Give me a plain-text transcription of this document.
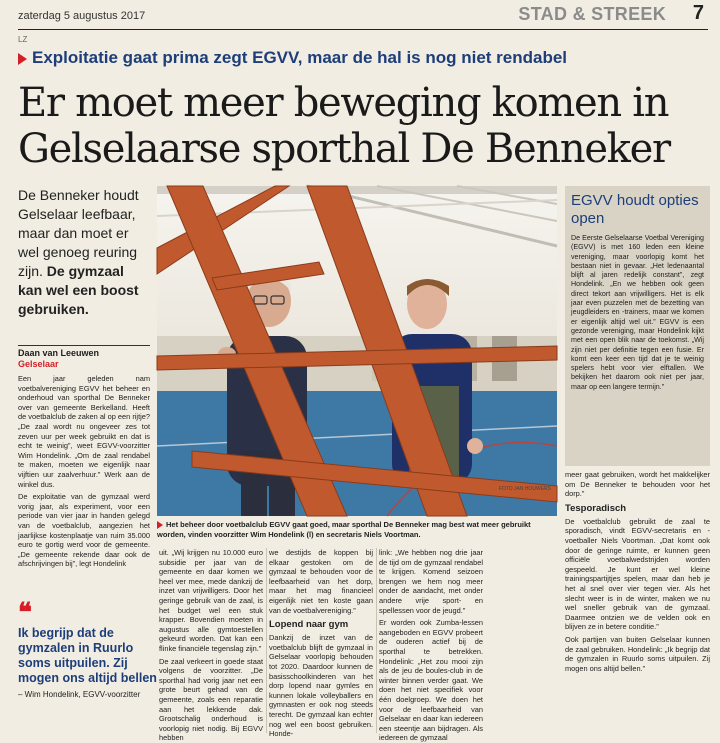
zaterdag 5 augustus 2017	STAD & STREEK 7
LZ
Exploitatie gaat prima zegt EGVV, maar de hal is nog niet rendabel
Er moet meer beweging komen in Gelselaarse sporthal De Benneker
De Benneker houdt Gelselaar leefbaar, maar dan moet er wel genoeg reuring zijn. De gymzaal kan wel een boost gebruiken.
Daan van Leeuwen
Gelselaar

Een jaar geleden nam voetbalvereniging EGVV het beheer en onderhoud van sporthal De Benneker over van gemeente Berkelland. Heeft de voetbalclub de zaken al op een rijtje? „De zaal wordt nu ongeveer zes tot zeven uur per week gebruikt en dat is echt te weinig”, weet EGVV-voorzitter Wim Hondelink. „Om de zaal rendabel te maken, moeten we eigenlijk naar vijftien uur zaalverhuur.” Werk aan de winkel dus.

De exploitatie van de gymzaal werd vorig jaar, als experiment, voor een periode van vier jaar in handen gelegd van de voetbalclub, aangezien het jaarlijkse kostenplaatje van ruim 35.000 euro te gortig werd voor de gemeente. „De gemeente rekende daar ook de afschrijvingen bij”, legt Hondelink

❝
Ik begrijp dat de gymzalen in Ruurlo soms uitpuilen. Zij mogen ons altijd bellen
– Wim Hondelink, EGVV-voorzitter
FOTO JAN HOUWERS
Het beheer door voetbalclub EGVV gaat goed, maar sporthal De Benneker mag best wat meer gebruikt worden, vinden voorzitter Wim Hondelink (l) en secretaris Niels Voortman.

uit. „Wij krijgen nu 10.000 euro subsidie per jaar van de gemeente en daar komen we heel ver mee, mede dankzij de inzet van vrijwilligers. Door het geringe gebruik van de zaal, is het budget wel een stuk krapper. Bovendien moeten in augustus alle gymtoestellen gekeurd worden. Dat kan een flinke financiële tegenslag zijn.”

De zaal verkeert in goede staat volgens de voorzitter. „De sporthal had vorig jaar net een grote beurt gehad van de gemeente, zoals een reparatie aan het lekkende dak. Grootschalig onderhoud is voorlopig niet nodig. Bij EGVV hebben

we destijds de koppen bij elkaar gestoken om de gymzaal te behouden voor de leefbaarheid van het dorp, maar het mag financieel eigenlijk niet ten koste gaan van de voetbalvereniging.”

Lopend naar gym

Dankzij de inzet van de voetbalclub blijft de gymzaal in Gelselaar voorlopig behouden tot 2020. Daardoor kunnen de basisschoolkinderen van het dorp lopend naar gymles en kunnen lokale volleyballers en gymnasten er ook nog steeds terecht. De gymzaal kan echter nog wel een boost gebruiken. Honde-

link: „We hebben nog drie jaar de tijd om de gymzaal rendabel te krijgen. Komend seizoen brengen we hem nog meer onder de aandacht, met onder andere vrije sport- en spellessen voor de jeugd.”

Er worden ook Zumba-lessen aangeboden en EGVV probeert de ouderen actief bij de sporthal te betrekken. Hondelink: „Het zou mooi zijn als de jeu de boules-club in de winter binnen verder gaat. We doen het niet specifiek voor één doelgroep. We doen het voor de leefbaarheid van Gelselaar en daar kan iedereen een steentje aan bijdragen. Als iedereen de gymzaal

EGVV houdt opties open
De Eerste Gelselaarse Voetbal Vereniging (EGVV) is met 160 leden een kleine vereniging, maar voorlopig komt het bestaan niet in gevaar. „Het ledenaantal blijft al jaren redelijk constant”, zegt Hondelink. „En we hebben ook geen direct tekort aan vrijwilligers. Het is elk jaar even puzzelen met de bezetting van jeugdleiders en -trainers, maar we komen er eigenlijk altijd wel uit.” EGVV is een gezonde vereniging, maar Hondelink kijkt met een open blik naar de toekomst. „Wij zijn niet per definitie tegen een fusie. Er komt een keer een tijd dat je te weinig spelers hebt voor vier elftallen. We bekijken het daarom ook niet per jaar, maar op een langere termijn.”

meer gaat gebruiken, wordt het makkelijker om De Benneker te behouden voor het dorp.”

Tesporadisch

De voetbalclub gebruikt de zaal te sporadisch, vindt EGVV-secretaris en -voetballer Niels Voortman. „Dat komt ook door de geringe ruimte, er kunnen geen officiële voetbalwedstrijden worden gespeeld. Je kunt er wel kleine trainingspartijtjes spelen, maar dan heb je het al snel over vier tegen vier. Als het slecht weer is in de winter, maken we nu wel sneller gebruik van de gymzaal. Daarmee ontzien we de velden ook en blijven ze in betere conditie.”

Ook partijen van buiten Gelselaar kunnen de zaal gebruiken. Hondelink: „Ik begrijp dat de gymzalen in Ruurlo soms uitpuilen. Zij mogen ons altijd bellen.”
